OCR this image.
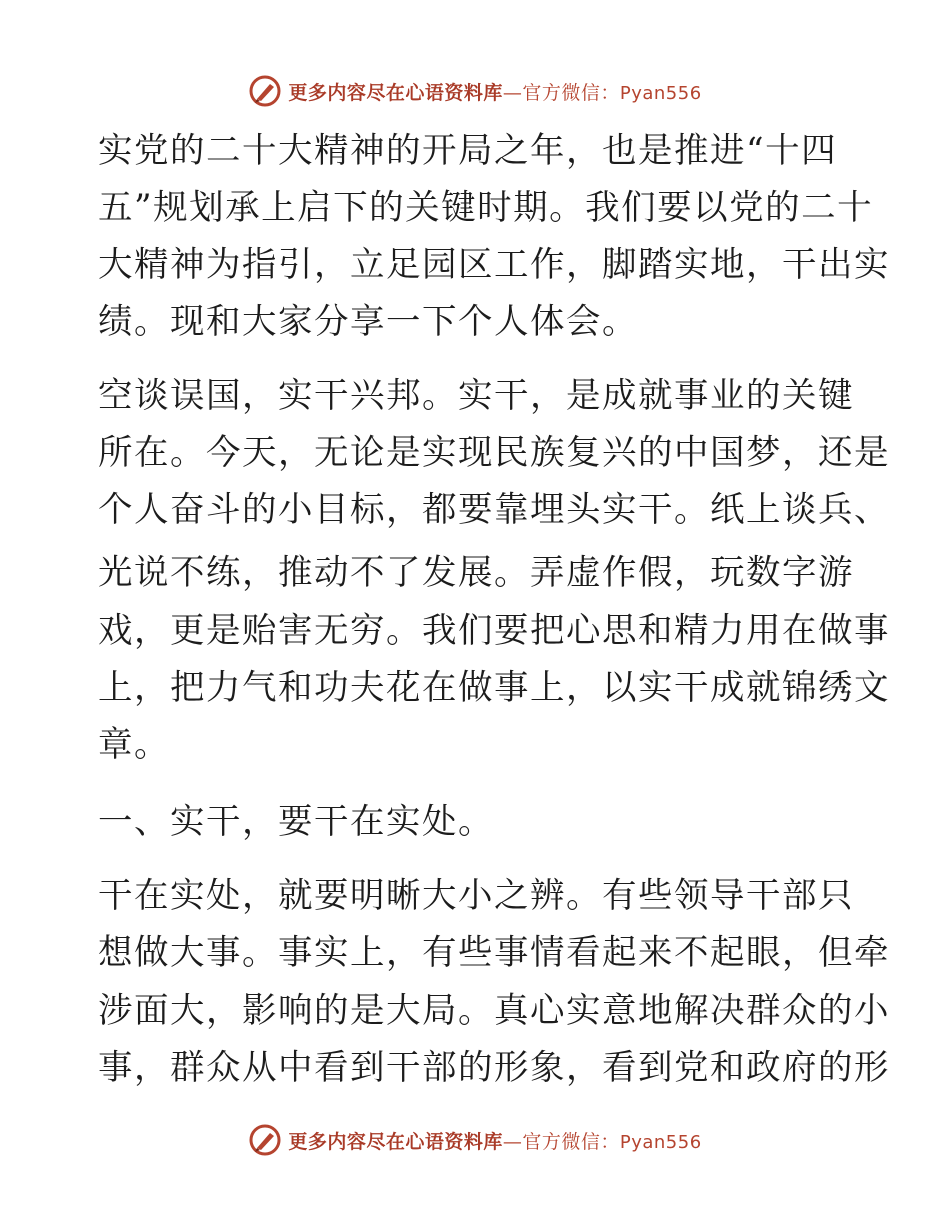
更多内容尽在心语资料库—官方微信：Pyan556
实党的二十大精神的开局之年，也是推进“十四
五”规划承上启下的关键时期。我们要以党的二十
大精神为指引，立足园区工作，脚踏实地，干出实
绩。现和大家分享一下个人体会。
空谈误国，实干兴邦。实干，是成就事业的关键
所在。今天，无论是实现民族复兴的中国梦，还是
个人奋斗的小目标，都要靠埋头实干。纸上谈兵、
光说不练，推动不了发展。弄虚作假，玩数字游
戏，更是贻害无穷。我们要把心思和精力用在做事
上，把力气和功夫花在做事上，以实干成就锦绣文
章。
一、实干，要干在实处。
干在实处，就要明晰大小之辨。有些领导干部只
想做大事。事实上，有些事情看起来不起眼，但牵
涉面大，影响的是大局。真心实意地解决群众的小
事，群众从中看到干部的形象，看到党和政府的形
更多内容尽在心语资料库—官方微信：Pyan556
